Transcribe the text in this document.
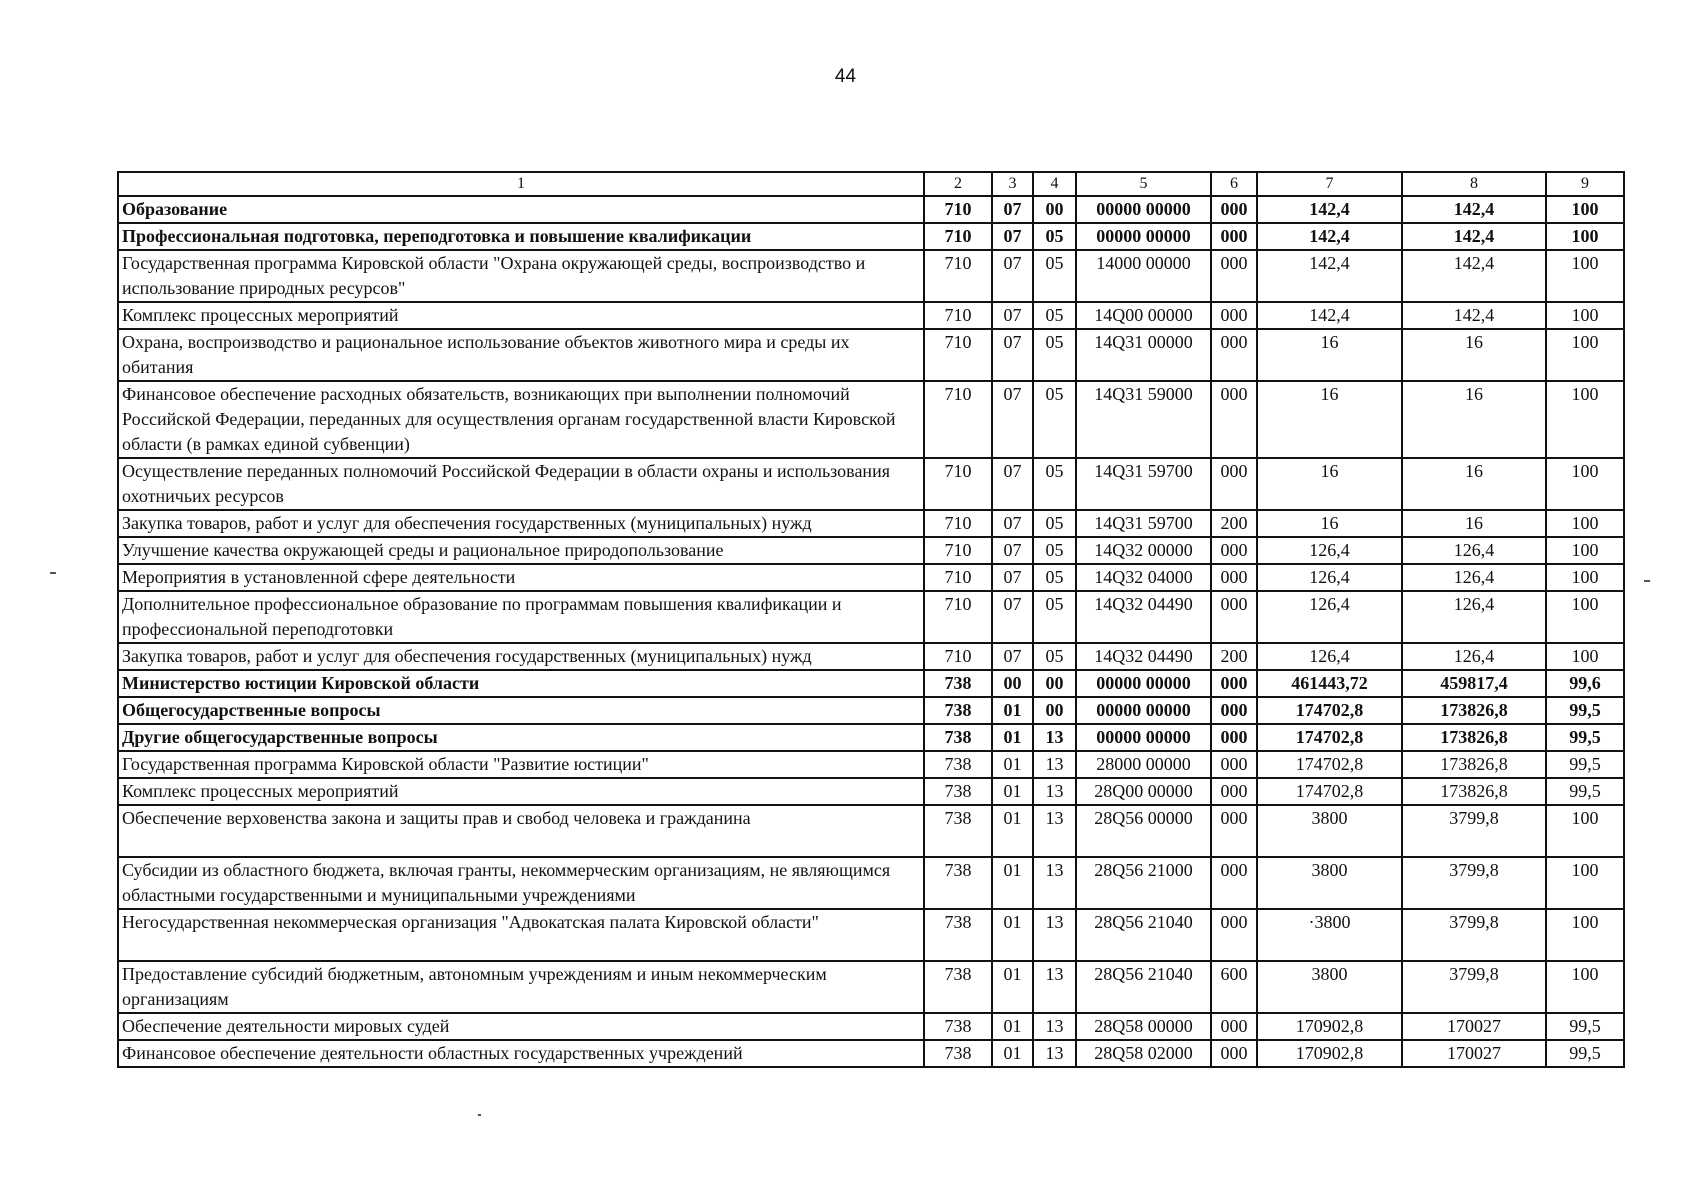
44
1	2	3	4	5	6	7	8	9
Образование	710	07	00	00000 00000	000	142,4	142,4	100
Профессиональная подготовка, переподготовка и повышение квалификации	710	07	05	00000 00000	000	142,4	142,4	100
Государственная программа Кировской области "Охрана окружающей среды, воспроизводство и использование природных ресурсов"	710	07	05	14000 00000	000	142,4	142,4	100
Комплекс процессных мероприятий	710	07	05	14Q00 00000	000	142,4	142,4	100
Охрана, воспроизводство и рациональное использование объектов животного мира и среды их обитания	710	07	05	14Q31 00000	000	16	16	100
Финансовое обеспечение расходных обязательств, возникающих при выполнении полномочий Российской Федерации, переданных для осуществления органам государственной власти Кировской области (в рамках единой субвенции)	710	07	05	14Q31 59000	000	16	16	100
Осуществление переданных полномочий Российской Федерации в области охраны и использования охотничьих ресурсов	710	07	05	14Q31 59700	000	16	16	100
Закупка товаров, работ и услуг для обеспечения государственных (муниципальных) нужд	710	07	05	14Q31 59700	200	16	16	100
Улучшение качества окружающей среды и рациональное природопользование	710	07	05	14Q32 00000	000	126,4	126,4	100
Мероприятия в установленной сфере деятельности	710	07	05	14Q32 04000	000	126,4	126,4	100
Дополнительное профессиональное образование по программам повышения квалификации и профессиональной переподготовки	710	07	05	14Q32 04490	000	126,4	126,4	100
Закупка товаров, работ и услуг для обеспечения государственных (муниципальных) нужд	710	07	05	14Q32 04490	200	126,4	126,4	100
Министерство юстиции Кировской области	738	00	00	00000 00000	000	461443,72	459817,4	99,6
Общегосударственные вопросы	738	01	00	00000 00000	000	174702,8	173826,8	99,5
Другие общегосударственные вопросы	738	01	13	00000 00000	000	174702,8	173826,8	99,5
Государственная программа Кировской области "Развитие юстиции"	738	01	13	28000 00000	000	174702,8	173826,8	99,5
Комплекс процессных мероприятий	738	01	13	28Q00 00000	000	174702,8	173826,8	99,5
Обеспечение верховенства закона и защиты прав и свобод человека и гражданина	738	01	13	28Q56 00000	000	3800	3799,8	100
Субсидии из областного бюджета, включая гранты, некоммерческим организациям, не являющимся областными государственными и муниципальными учреждениями	738	01	13	28Q56 21000	000	3800	3799,8	100
Негосударственная некоммерческая организация "Адвокатская палата Кировской области"	738	01	13	28Q56 21040	000	·3800	3799,8	100
Предоставление субсидий бюджетным, автономным учреждениям и иным некоммерческим организациям	738	01	13	28Q56 21040	600	3800	3799,8	100
Обеспечение деятельности мировых судей	738	01	13	28Q58 00000	000	170902,8	170027	99,5
Финансовое обеспечение деятельности областных государственных учреждений	738	01	13	28Q58 02000	000	170902,8	170027	99,5
